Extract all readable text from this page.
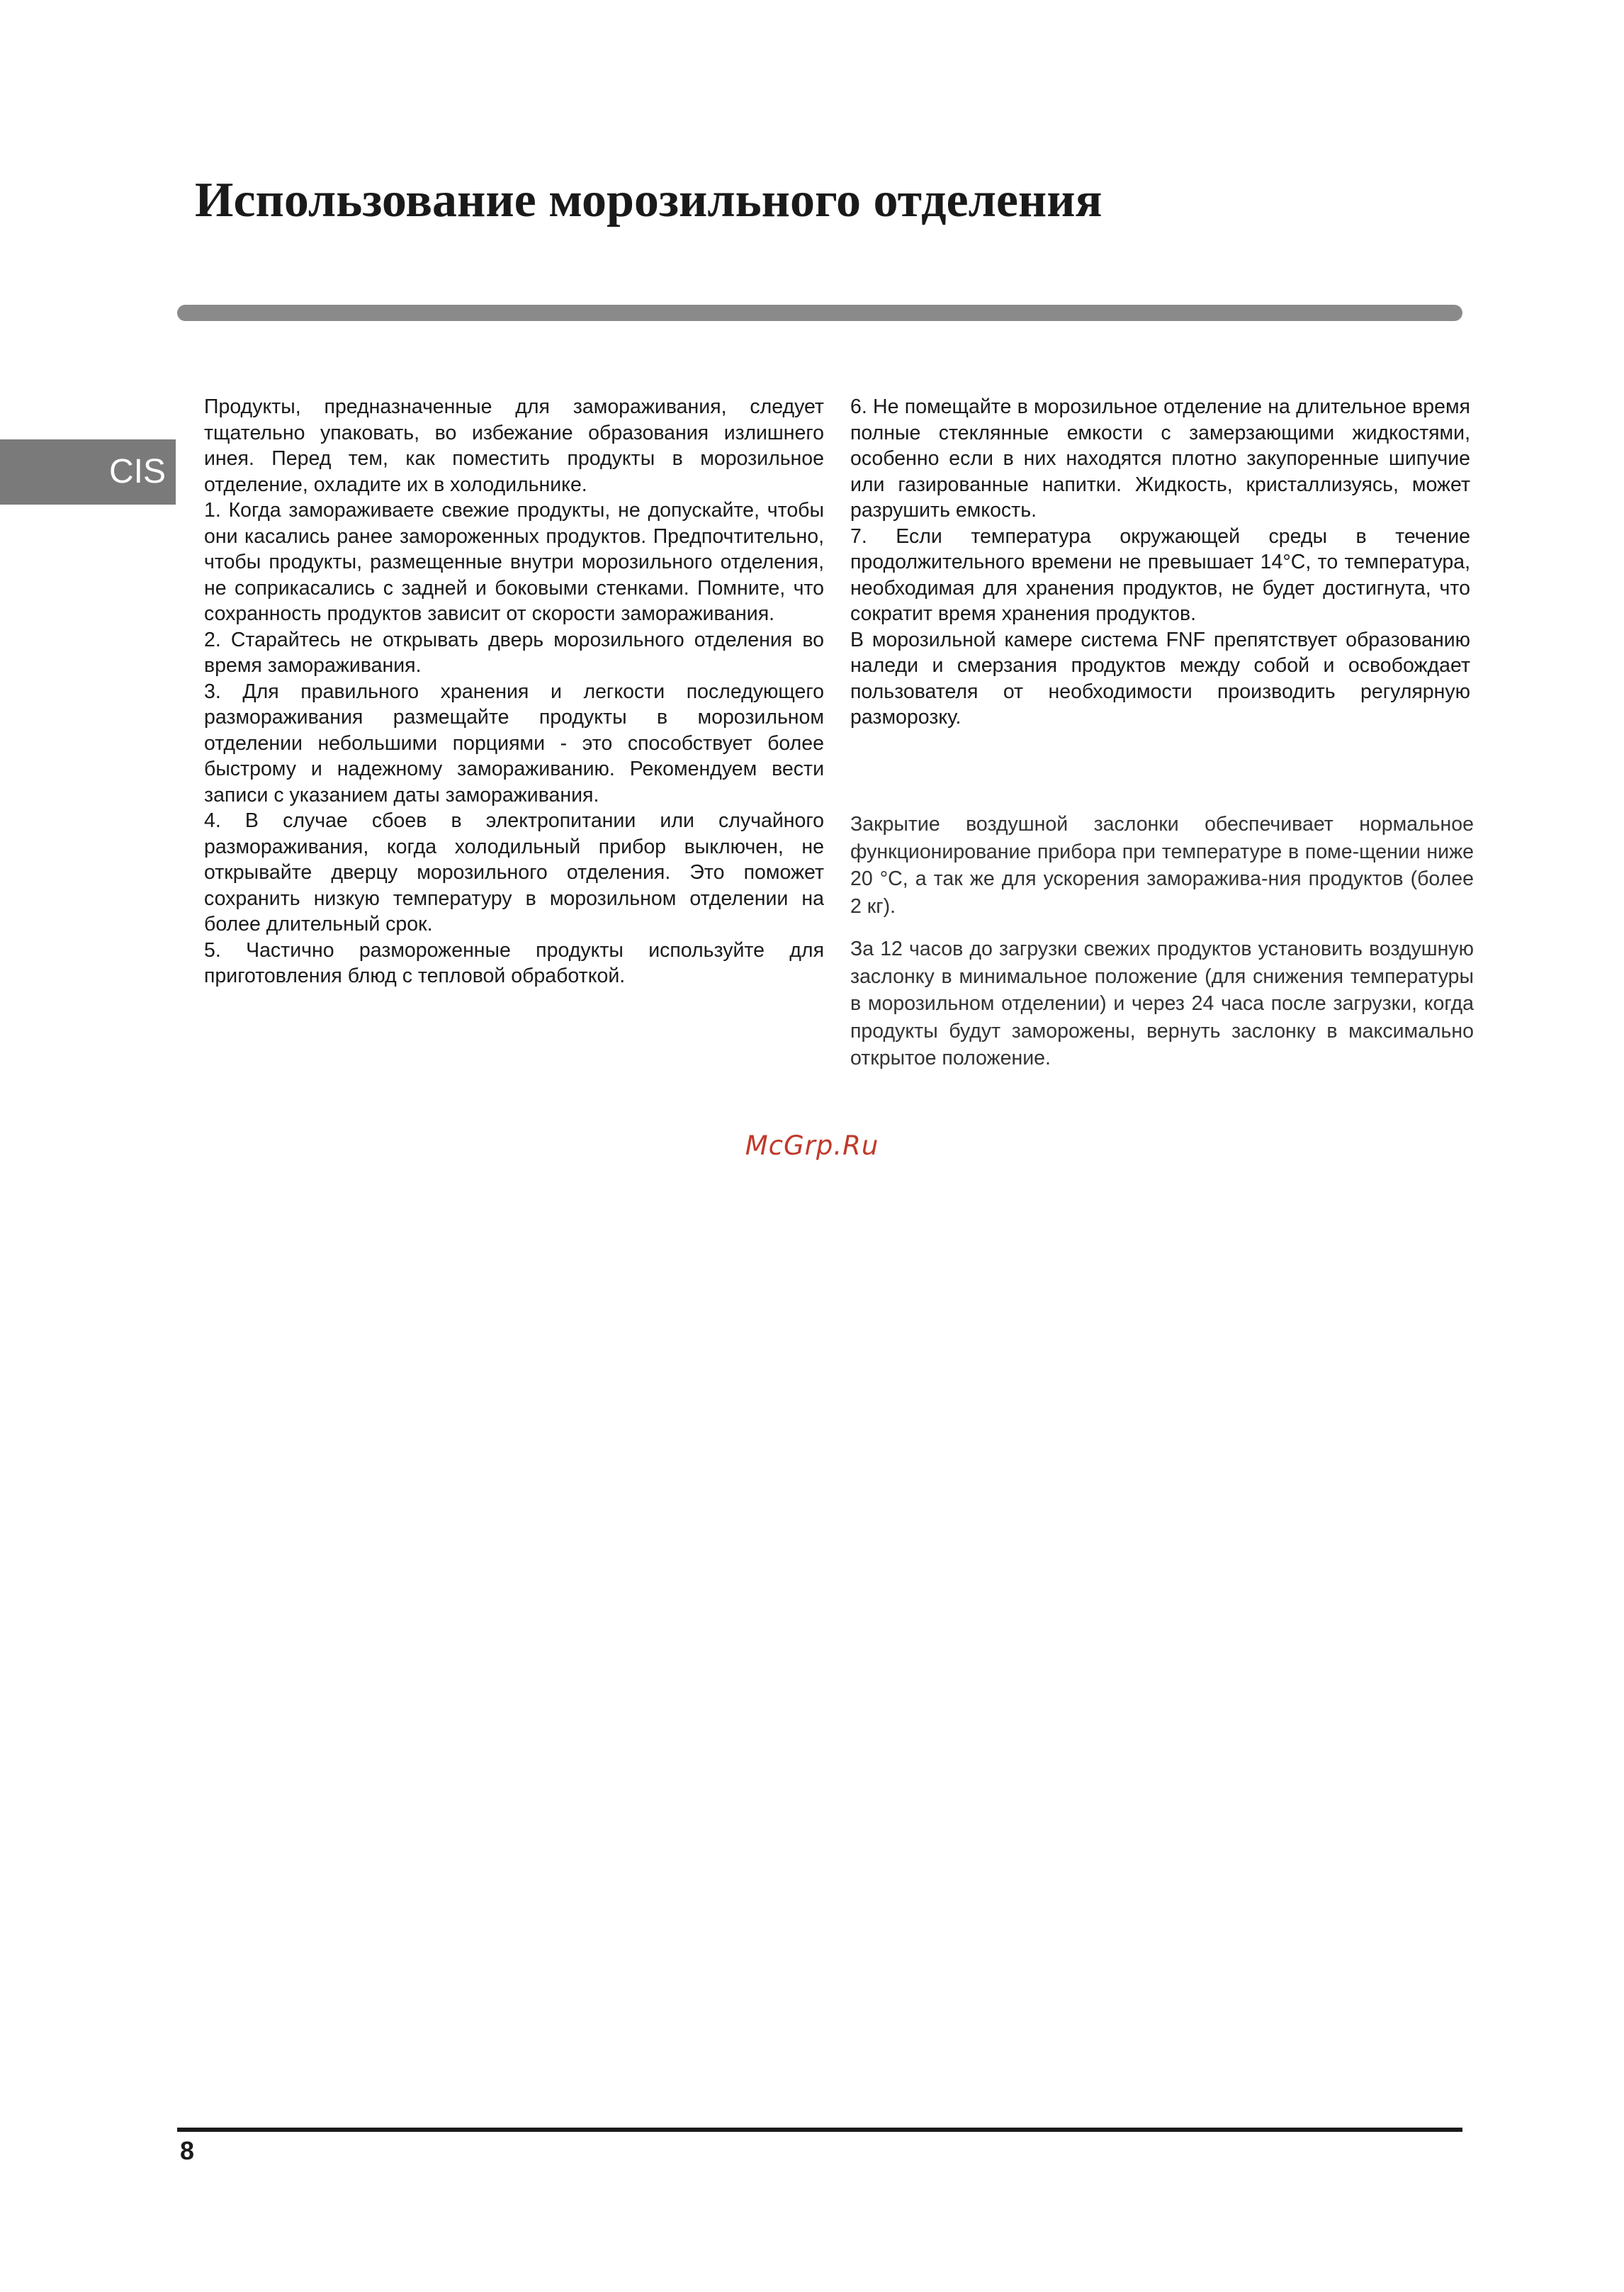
Использование морозильного отделения
CIS

Продукты, предназначенные для замораживания, следует тщательно упаковать, во избежание образования излишнего инея. Перед тем, как поместить продукты в морозильное отделение, охладите их в холодильнике.

1. Когда замораживаете свежие продукты, не допускайте, чтобы они касались ранее замороженных продуктов. Предпочтительно, чтобы продукты, размещенные внутри морозильного отделения, не соприкасались с задней и боковыми стенками. Помните, что сохранность продуктов зависит от скорости замораживания.

2. Старайтесь не открывать дверь морозильного отделения во время замораживания.

3. Для правильного хранения и легкости последующего размораживания размещайте продукты в морозильном отделении небольшими порциями - это способствует более быстрому и надежному замораживанию. Рекомендуем вести записи с указанием даты замораживания.

4. В случае сбоев в электропитании или случайного размораживания, когда холодильный прибор выключен, не открывайте дверцу морозильного отделения. Это поможет сохранить низкую температуру в морозильном отделении на более длительный срок.

5. Частично размороженные продукты используйте для приготовления блюд с тепловой обработкой.

6. Не помещайте в морозильное отделение на длительное время полные стеклянные емкости с замерзающими жидкостями, особенно если в них находятся плотно закупоренные шипучие или газированные напитки. Жидкость, кристаллизуясь, может разрушить емкость.

7. Если температура окружающей среды в течение продолжительного времени не превышает 14°C, то температура, необходимая для хранения продуктов, не будет достигнута, что сократит время хранения продуктов.

В морозильной камере система FNF препятствует образованию наледи и смерзания продуктов между собой и освобождает пользователя от необходимости производить регулярную разморозку.

Закрытие воздушной заслонки обеспечивает нормальное функционирование прибора при температуре в поме-щении ниже 20 °C, а так же для ускорения заморажива-ния продуктов (более 2 кг).
За 12 часов до загрузки свежих продуктов установить воздушную заслонку в минимальное положение (для снижения температуры в морозильном отделении) и через 24 часа после загрузки, когда продукты будут заморожены, вернуть заслонку в максимально открытое положение.
McGrp.Ru
8
